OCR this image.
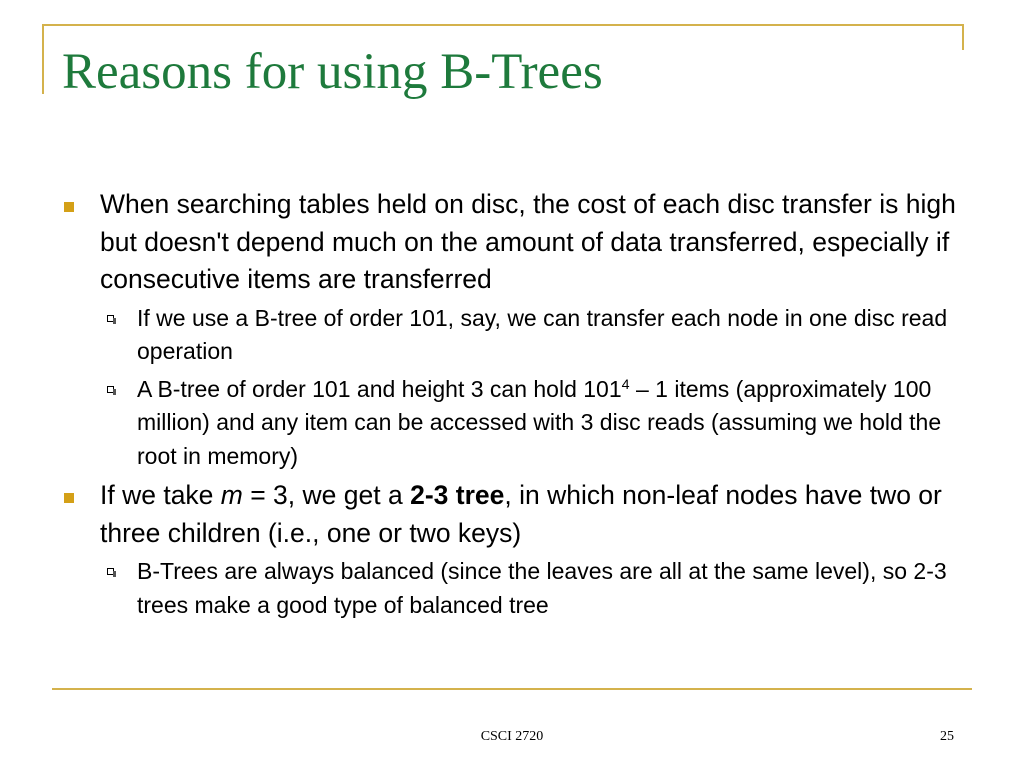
Reasons for using B-Trees

When searching tables held on disc, the cost of each disc transfer is high but doesn't depend much on the amount of data transferred, especially if consecutive items are transferred

If we use a B-tree of order 101, say, we can transfer each node in one disc read operation

A B-tree of order 101 and height 3 can hold $101^4 - 1$ items (approximately 100 million) and any item can be accessed with 3 disc reads (assuming we hold the root in memory)

If we take m = 3, we get a 2-3 tree, in which non-leaf nodes have two or three children (i.e., one or two keys)

B-Trees are always balanced (since the leaves are all at the same level), so 2-3 trees make a good type of balanced tree

CSCI 2720	25
